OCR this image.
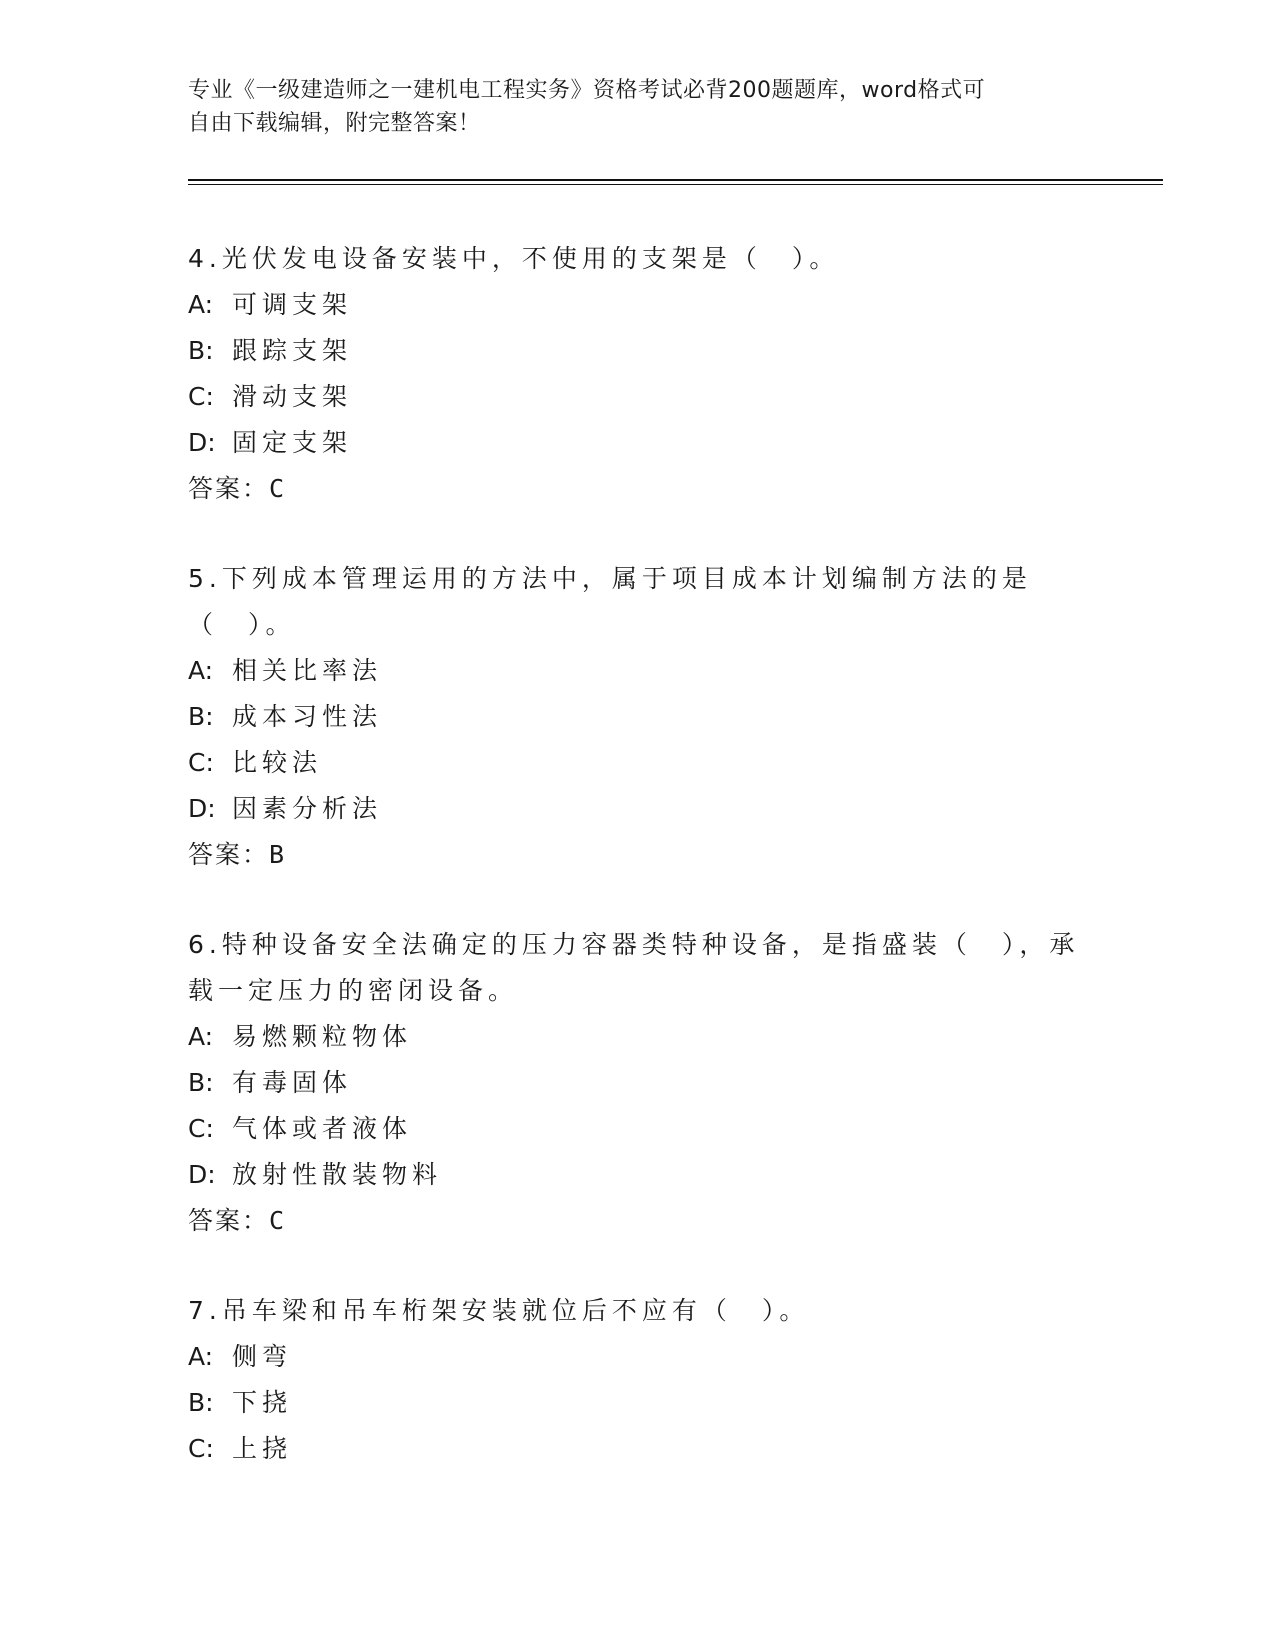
专业《一级建造师之一建机电工程实务》资格考试必背200题题库，word格式可
自由下载编辑，附完整答案！

4.光伏发电设备安装中，不使用的支架是（　）。

A: 可调支架

B: 跟踪支架

C: 滑动支架

D: 固定支架

答案：C

5.下列成本管理运用的方法中，属于项目成本计划编制方法的是（　）。

A: 相关比率法

B: 成本习性法

C: 比较法

D: 因素分析法

答案：B

6.特种设备安全法确定的压力容器类特种设备，是指盛装（　），承载一定压力的密闭设备。

A: 易燃颗粒物体

B: 有毒固体

C: 气体或者液体

D: 放射性散装物料

答案：C

7.吊车梁和吊车桁架安装就位后不应有（　）。

A: 侧弯

B: 下挠

C: 上挠
